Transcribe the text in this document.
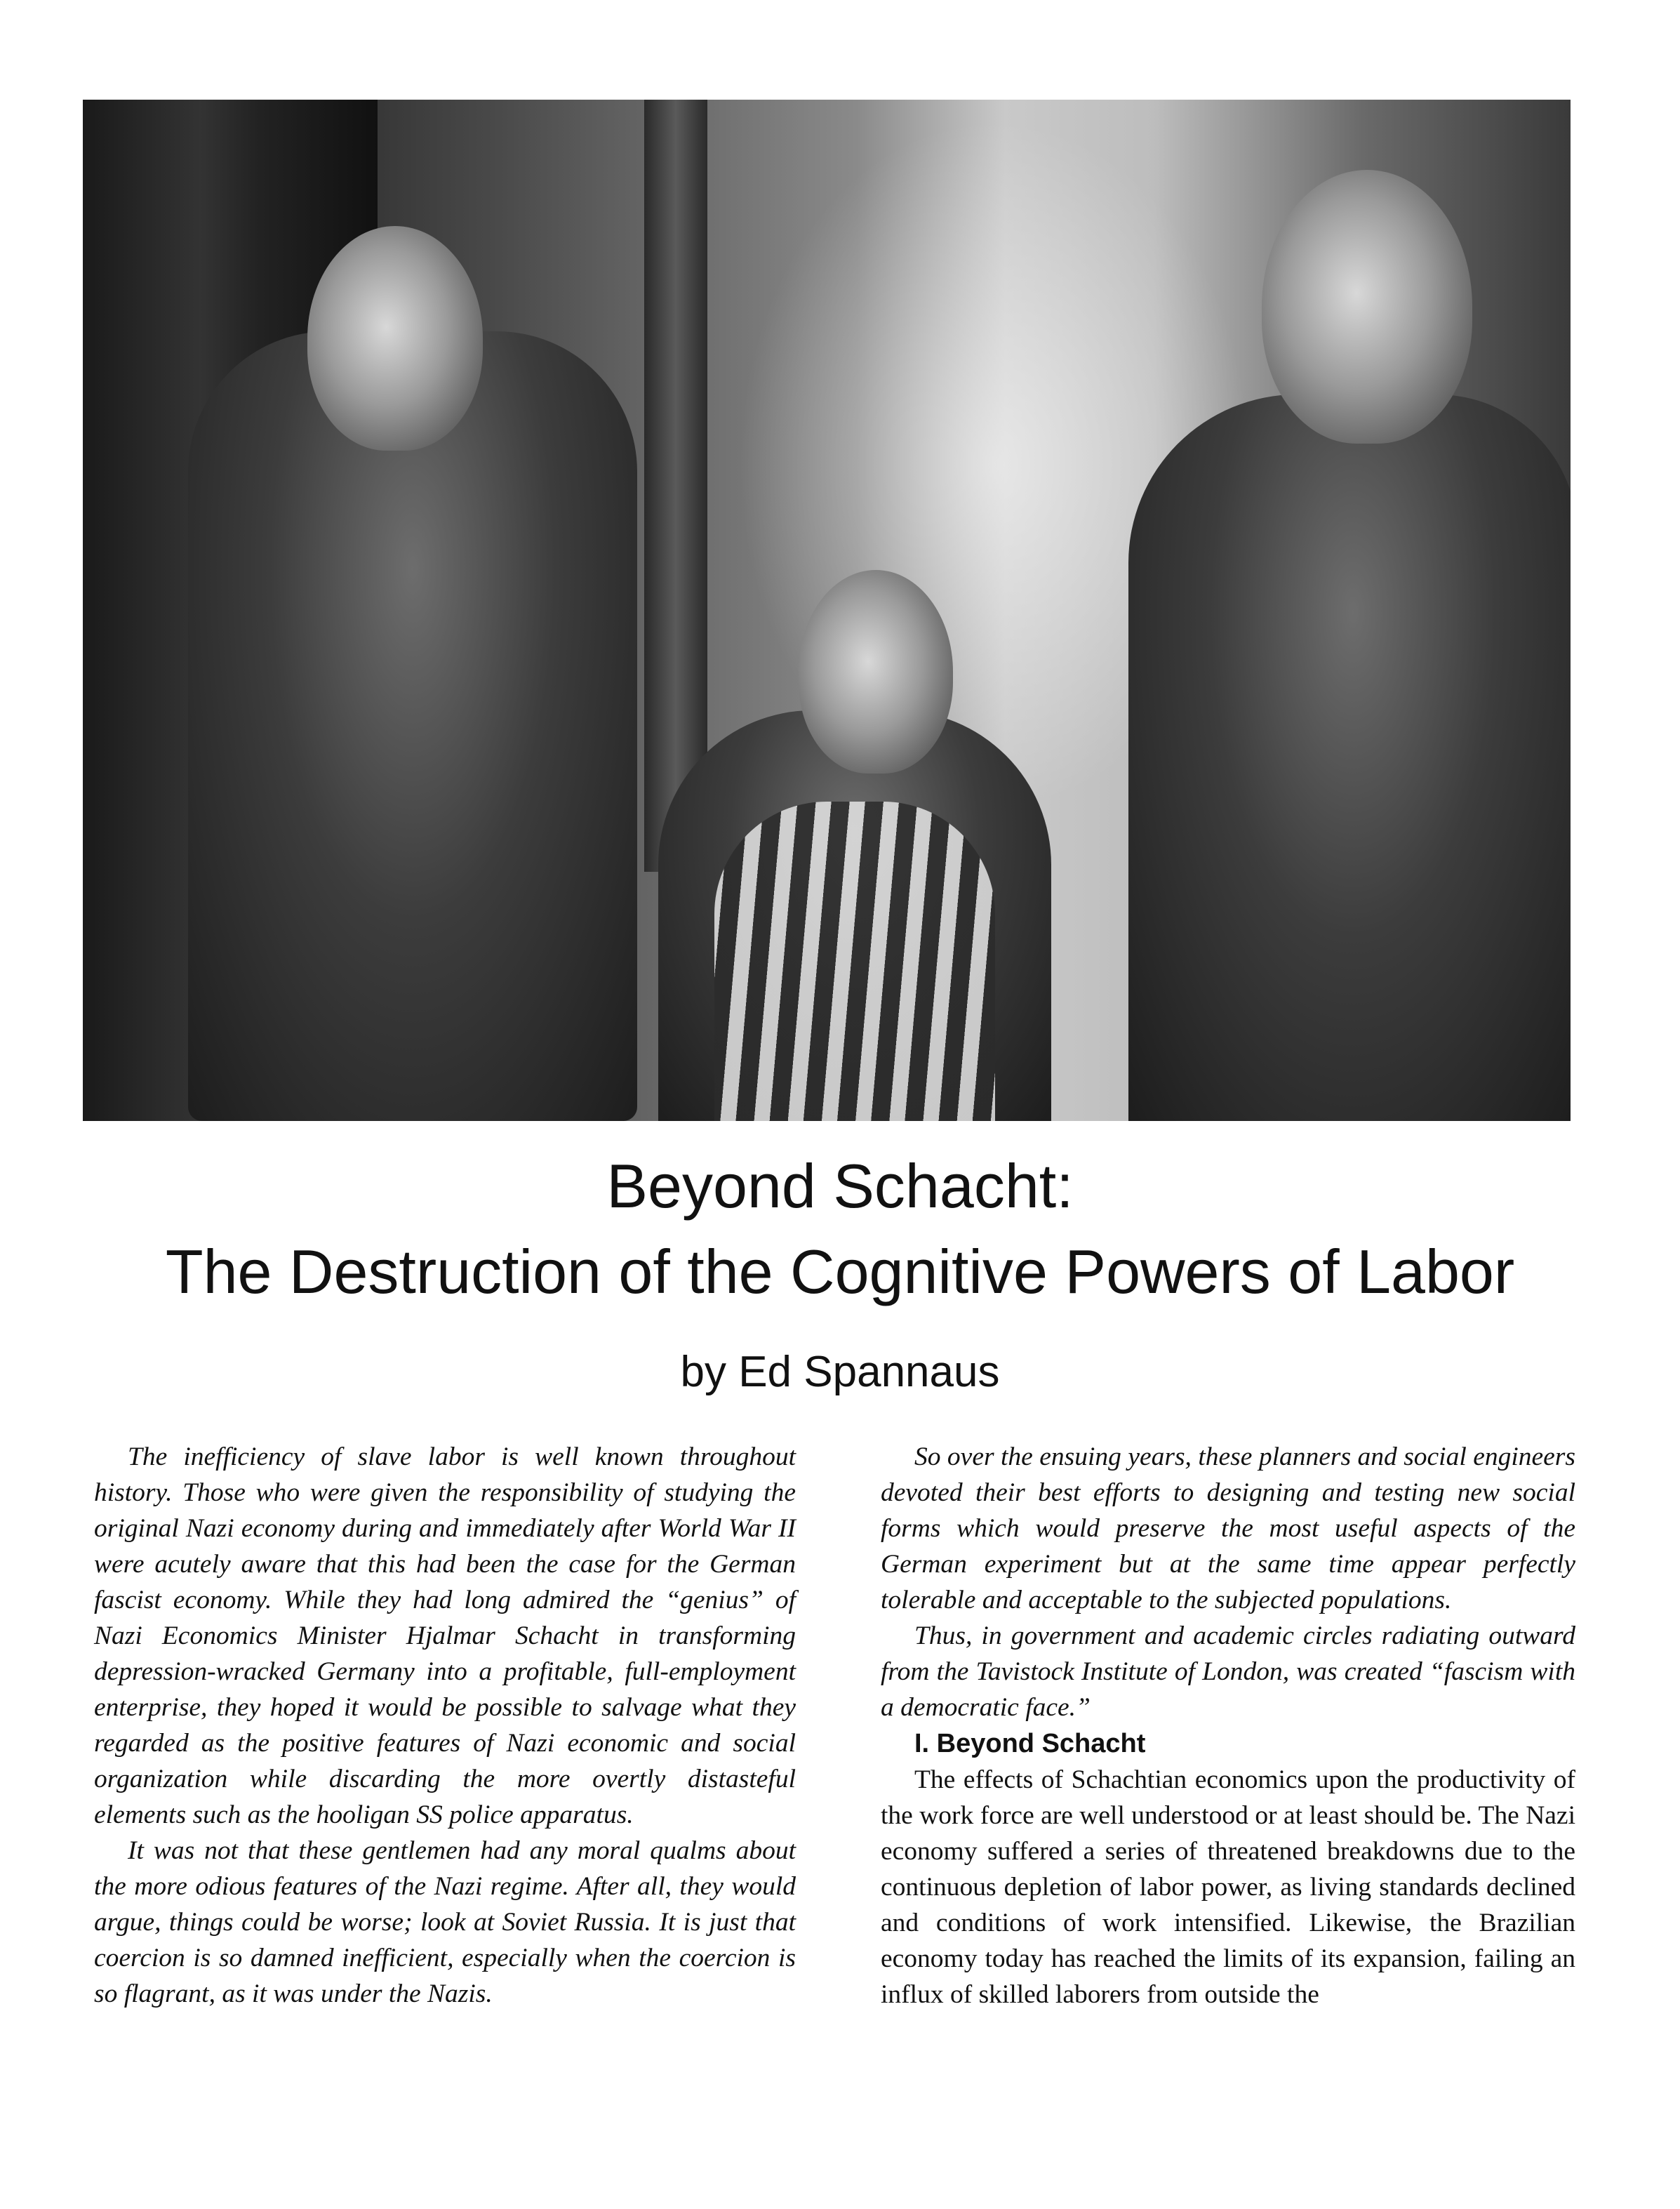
Beyond Schacht:
The Destruction of the Cognitive Powers of Labor
by Ed Spannaus

The inefficiency of slave labor is well known throughout history. Those who were given the responsibility of studying the original Nazi economy during and immediately after World War II were acutely aware that this had been the case for the German fascist economy. While they had long admired the “genius” of Nazi Economics Minister Hjalmar Schacht in transforming depression-wracked Germany into a profitable, full-employment enterprise, they hoped it would be possible to salvage what they regarded as the positive features of Nazi economic and social organization while discarding the more overtly distasteful elements such as the hooligan SS police apparatus.

It was not that these gentlemen had any moral qualms about the more odious features of the Nazi regime. After all, they would argue, things could be worse; look at Soviet Russia. It is just that coercion is so damned inefficient, especially when the coercion is so flagrant, as it was under the Nazis.

So over the ensuing years, these planners and social engineers devoted their best efforts to designing and testing new social forms which would preserve the most useful aspects of the German experiment but at the same time appear perfectly tolerable and acceptable to the subjected populations.

Thus, in government and academic circles radiating outward from the Tavistock Institute of London, was created “fascism with a democratic face.”

I. Beyond Schacht

The effects of Schachtian economics upon the productivity of the work force are well understood or at least should be. The Nazi economy suffered a series of threatened breakdowns due to the continuous depletion of labor power, as living standards declined and conditions of work intensified. Likewise, the Brazilian economy today has reached the limits of its expansion, failing an influx of skilled laborers from outside the
